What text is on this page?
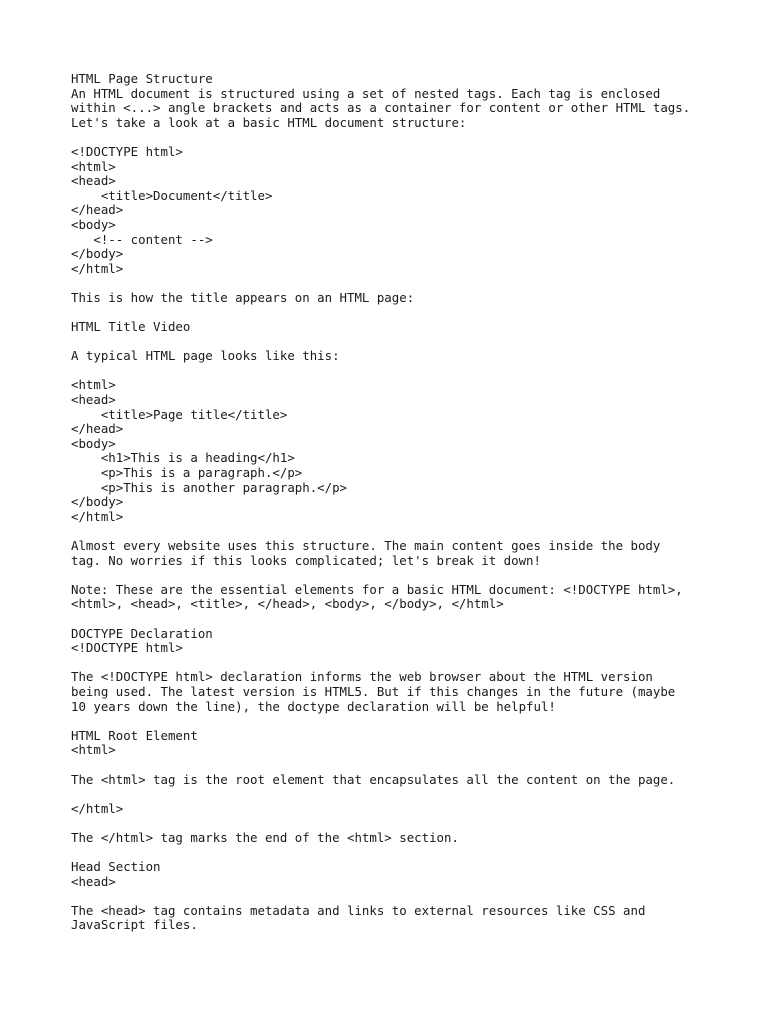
HTML Page Structure
An HTML document is structured using a set of nested tags. Each tag is enclosed
within <...> angle brackets and acts as a container for content or other HTML tags.
Let's take a look at a basic HTML document structure:
<!DOCTYPE html>
<html>
<head>
<title>Document</title>
</head>
<body>
<!-- content -->
</body>
</html>
This is how the title appears on an HTML page:
HTML Title Video
A typical HTML page looks like this:
<html>
<head>
<title>Page title</title>
</head>
<body>
<h1>This is a heading</h1>
<p>This is a paragraph.</p>
<p>This is another paragraph.</p>
</body>
</html>
Almost every website uses this structure. The main content goes inside the body
tag. No worries if this looks complicated; let's break it down!
Note: These are the essential elements for a basic HTML document: <!DOCTYPE html>,
<html>, <head>, <title>, </head>, <body>, </body>, </html>
DOCTYPE Declaration
<!DOCTYPE html>
The <!DOCTYPE html> declaration informs the web browser about the HTML version
being used. The latest version is HTML5. But if this changes in the future (maybe
10 years down the line), the doctype declaration will be helpful!
HTML Root Element
<html>
The <html> tag is the root element that encapsulates all the content on the page.
</html>
The </html> tag marks the end of the <html> section.
Head Section
<head>
The <head> tag contains metadata and links to external resources like CSS and
JavaScript files.
